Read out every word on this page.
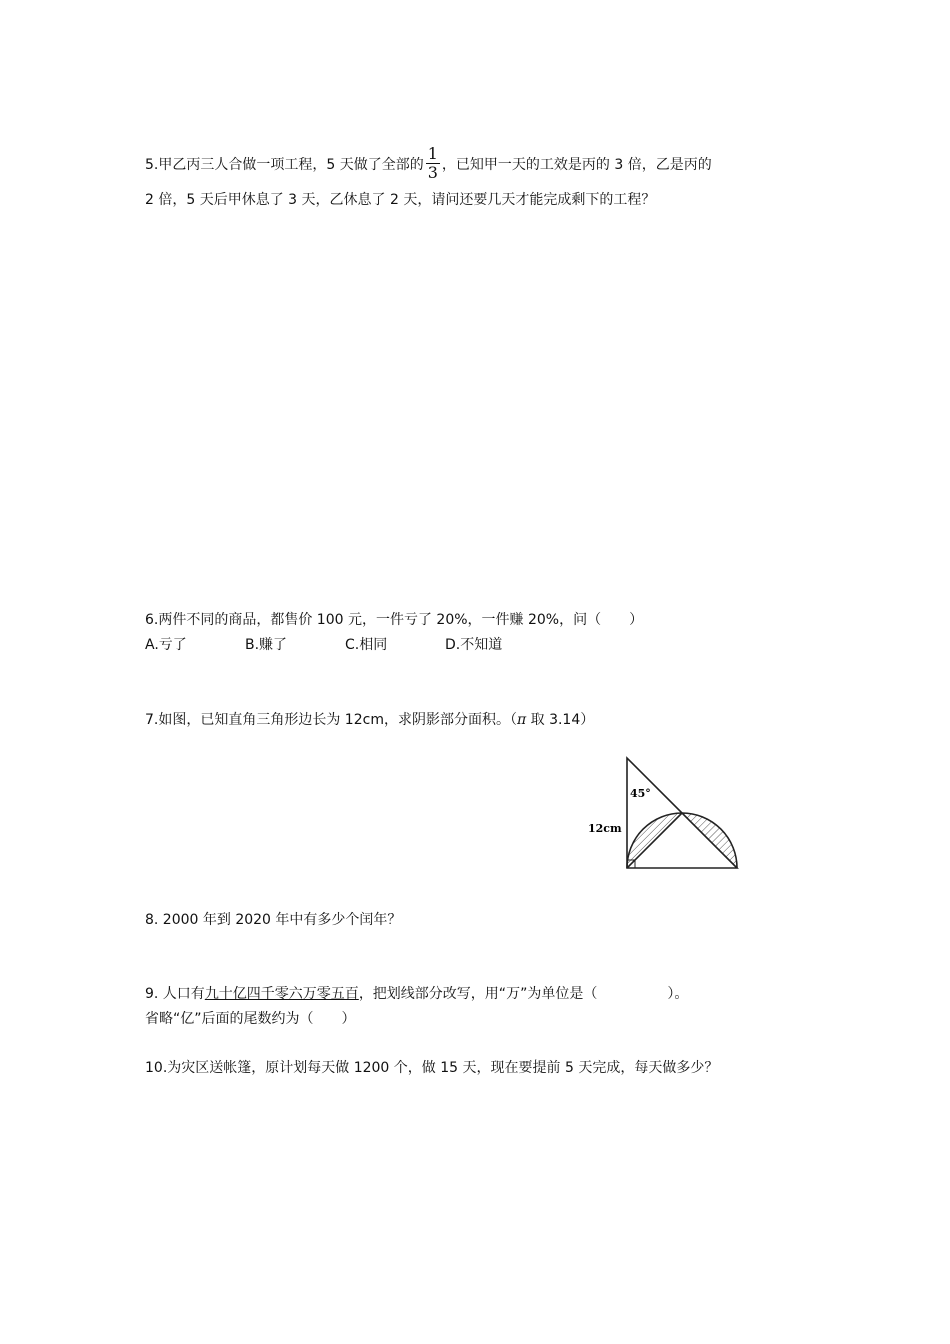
5.甲乙丙三人合做一项工程，5 天做了全部的 $\frac{1}{3}$ ，已知甲一天的工效是丙的 3 倍，乙是丙的
2 倍，5 天后甲休息了 3 天，乙休息了 2 天，请问还要几天才能完成剩下的工程？
6.两件不同的商品，都售价 100 元，一件亏了 20%，一件赚 20%，问（　　）
A.亏了	B.赚了	C.相同	D.不知道
7.如图，已知直角三角形边长为 12cm，求阴影部分面积。（π 取 3.14）
45°
12cm
8. 2000 年到 2020 年中有多少个闰年？
9. 人口有九十亿四千零六万零五百，把划线部分改写，用“万”为单位是（　　　　　）。
省略“亿”后面的尾数约为（　　）
10.为灾区送帐篷，原计划每天做 1200 个，做 15 天，现在要提前 5 天完成，每天做多少？
